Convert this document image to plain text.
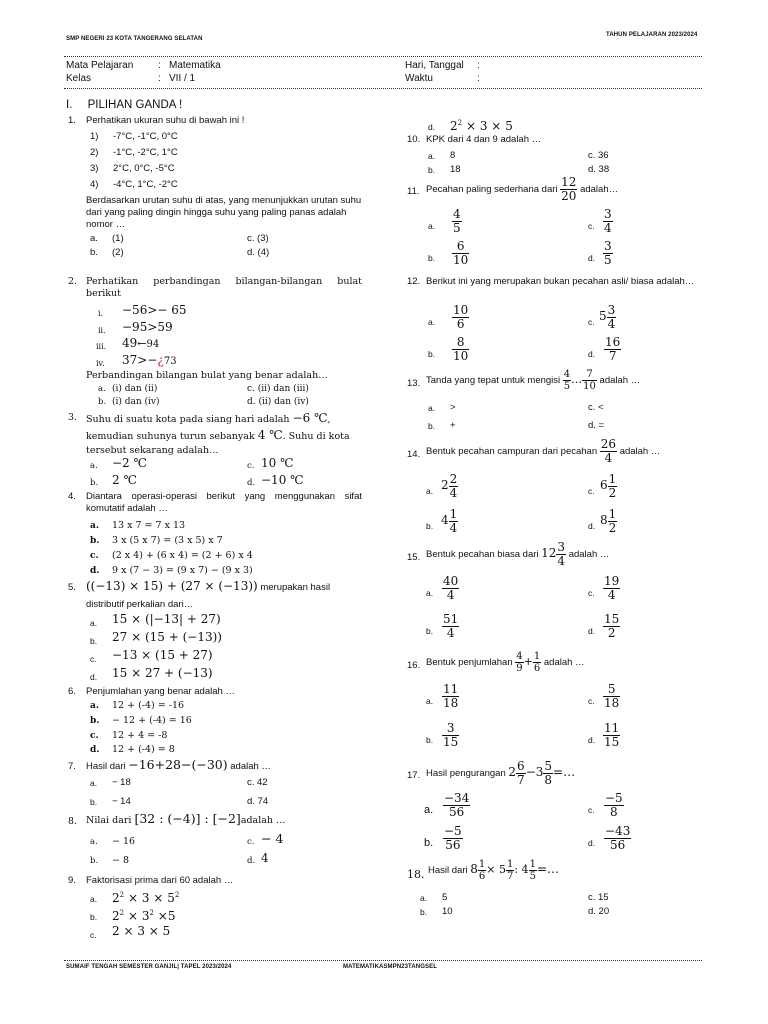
SMP NEGERI 23 KOTA TANGERANG SELATAN
TAHUN PELAJARAN 2023/2024
Mata Pelajaran : Matematika
Kelas	: VII / 1
Hari, Tanggal :
Waktu	:
I. PILIHAN GANDA !
1. Perhatikan ukuran suhu di bawah ini !
1) -7°C, -1°C, 0°C
2) -1°C, -2°C, 1°C
3) 2°C, 0°C, -5°C
4) -4°C, 1°C, -2°C
Berdasarkan urutan suhu di atas, yang menunjukkan urutan suhu dari yang paling dingin hingga suhu yang paling panas adalah nomor …
a. (1)
b. (2)
c. (3)
d. (4)
2. Perhatikan perbandingan bilangan-bilangan bulat berikut
i. −56>− 65
ii. −95>59
iii. 49←94
iv. 37>−¿73
Perbandingan bilangan bulat yang benar adalah…
a. (i) dan (ii)
b. (i) dan (iv)
c. (ii) dan (iii)
d. (ii) dan (iv)
3. Suhu di suatu kota pada siang hari adalah −6 ℃,
kemudian suhunya turun sebanyak 4 ℃. Suhu di kota
tersebut sekarang adalah…
a. −2 ℃
b. 2 ℃
c. 10 ℃
d. −10 ℃
4. Diantara operasi-operasi berikut yang menggunakan sifat komutatif adalah …
a. 13 x 7 = 7 x 13
b. 3 x (5 x 7) = (3 x 5) x 7
c. (2 x 4) + (6 x 4) = (2 + 6) x 4
d. 9 x (7 − 3) = (9 x 7) − (9 x 3)
5. ((−13) × 15) + (27 × (−13)) merupakan hasil
distributif perkalian dari…
a. 15 × (|−13| + 27)
b. 27 × (15 + (−13))
c. −13 × (15 + 27)
d. 15 × 27 + (−13)
6. Penjumlahan yang benar adalah …
a. 12 + (-4) = -16
b. − 12 + (-4) = 16
c. 12 + 4 = -8
d. 12 + (-4) = 8
7. Hasil dari −16+28−(−30) adalah …
a. − 18
b. − 14
c. 42
d. 74
8. Nilai dari [32 : (−4)] : [−2]adalah …
a. − 16
b. − 8
c. − 4
d. 4
9. Faktorisasi prima dari 60 adalah …
a. $2^2 \times 3 \times 5^2$
b. $2^2 \times 3^2 \times 5$
c. 2 × 3 × 5
d. $2^2 \times 3 \times 5$
10. KPK dari 4 dan 9 adalah …
a. 8
b. 18
c. 36
d. 38
11. Pecahan paling sederhana dari $\frac{12}{20}$ adalah…
a. $\frac{4}{5}$
b. $\frac{6}{10}$
c. $\frac{3}{4}$
d. $\frac{3}{5}$
12. Berikut ini yang merupakan bukan pecahan asli/ biasa adalah…
a. $\frac{10}{6}$
b. $\frac{8}{10}$
c. $5 \frac{3}{4}$
d. $\frac{16}{7}$
13. Tanda yang tepat untuk mengisi $\frac{4}{5}$ … $\frac{7}{10}$ adalah …
a. >
b. +
c. <
d. =
14. Bentuk pecahan campuran dari pecahan $\frac{26}{4}$ adalah …
a. $2 \frac{2}{4}$
b. $4 \frac{1}{4}$
c. $6 \frac{1}{2}$
d. $8 \frac{1}{2}$
15. Bentuk pecahan biasa dari $12 \frac{3}{4}$ adalah …
a. $\frac{40}{4}$
b. $\frac{51}{4}$
c. $\frac{19}{4}$
d. $\frac{15}{2}$
16. Bentuk penjumlahan $\frac{4}{9} + \frac{1}{6}$ adalah …
a. $\frac{11}{18}$
b. $\frac{3}{15}$
c. $\frac{5}{18}$
d. $\frac{11}{15}$
17. Hasil pengurangan $2 \frac{6}{7} -3 \frac{5}{8}$ =…
a. $\frac{-34}{56}$
b. $\frac{-5}{56}$
c. $\frac{-5}{8}$
d. $\frac{-43}{56}$
18. Hasil dari $8 \frac{1}{6} \times 5 \frac{1}{7}$ : $4 \frac{1}{5}$ =…
a. 5
b. 10
c. 15
d. 20
SUMAIF TENGAH SEMESTER GANJIL| TAPEL 2023/2024	MATEMATIKASMPN23TANGSEL
